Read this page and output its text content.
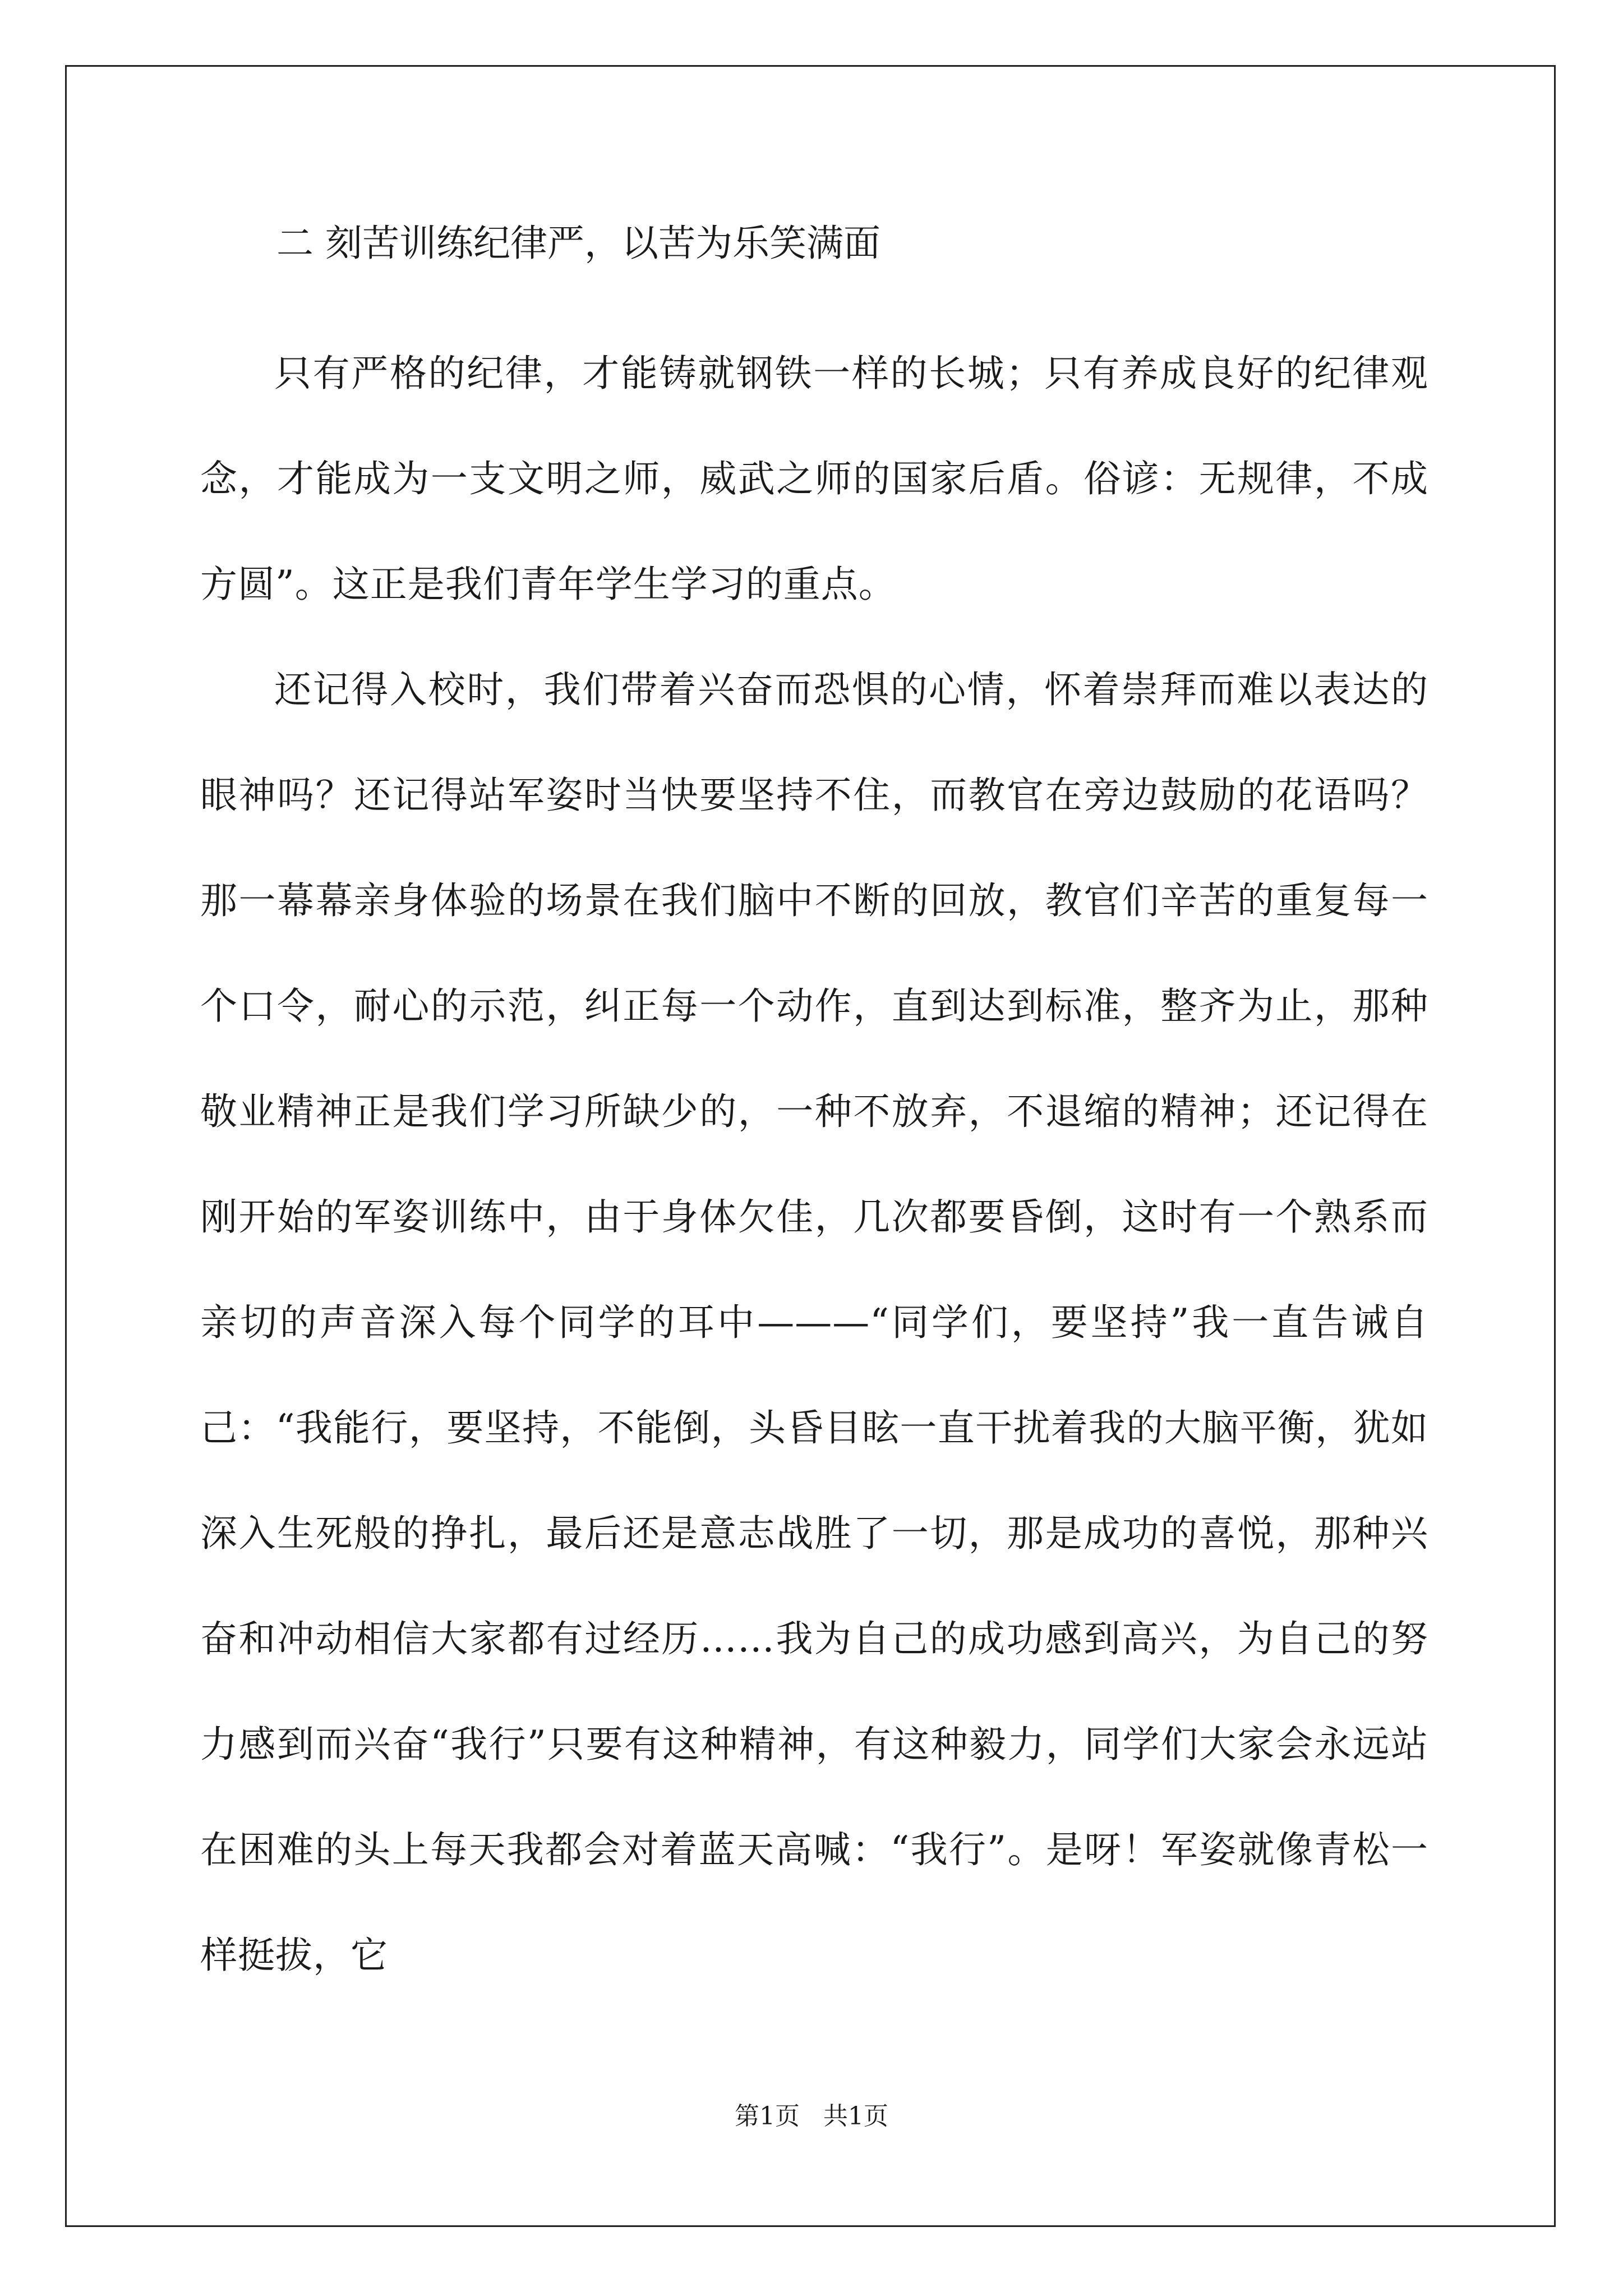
二 刻苦训练纪律严，以苦为乐笑满面

只有严格的纪律，才能铸就钢铁一样的长城；只有养成良好的纪律观念，才能成为一支文明之师，威武之师的国家后盾。俗谚：无规律，不成方圆”。这正是我们青年学生学习的重点。

还记得入校时，我们带着兴奋而恐惧的心情，怀着崇拜而难以表达的眼神吗？还记得站军姿时当快要坚持不住，而教官在旁边鼓励的花语吗？那一幕幕亲身体验的场景在我们脑中不断的回放，教官们辛苦的重复每一个口令，耐心的示范，纠正每一个动作，直到达到标准，整齐为止，那种敬业精神正是我们学习所缺少的，一种不放弃，不退缩的精神；还记得在刚开始的军姿训练中，由于身体欠佳，几次都要昏倒，这时有一个熟系而亲切的声音深入每个同学的耳中———“同学们，要坚持”我一直告诫自己：“我能行，要坚持，不能倒，头昏目眩一直干扰着我的大脑平衡，犹如深入生死般的挣扎，最后还是意志战胜了一切，那是成功的喜悦，那种兴奋和冲动相信大家都有过经历……我为自己的成功感到高兴，为自己的努力感到而兴奋“我行”只要有这种精神，有这种毅力，同学们大家会永远站在困难的头上每天我都会对着蓝天高喊：“我行”。是呀！军姿就像青松一样挺拔，它

第1页   共1页
